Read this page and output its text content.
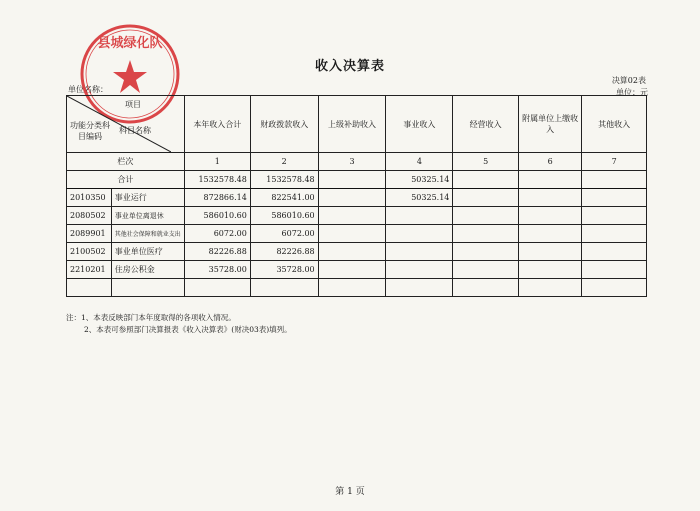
收入决算表
决算02表
单位：元
单位名称：
县城绿化队
项目
功能分类科目编码
科目名称		本年收入合计	财政拨款收入	上级补助收入	事业收入	经营收入	附属单位上缴收入	其他收入
栏次		1	2	3	4	5	6	7
合计		1532578.48	1532578.48		50325.14			
2010350	事业运行	872866.14	822541.00		50325.14			
2080502	事业单位离退休	586010.60	586010.60					
2089901	其他社会保障和就业支出	6072.00	6072.00					
2100502	事业单位医疗	82226.88	82226.88					
2210201	住房公积金	35728.00	35728.00					

注：1、本表反映部门本年度取得的各项收入情况。
2、本表可参照部门决算报表《收入决算表》(财决03表)填列。
第 1 页
